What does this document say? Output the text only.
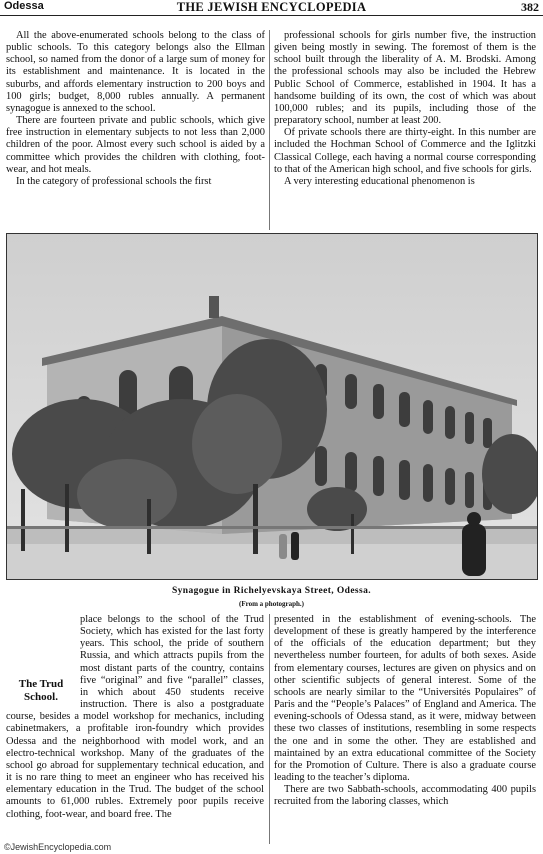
Odessa	THE JEWISH ENCYCLOPEDIA	382

All the above-enumerated schools belong to the class of public schools. To this category belongs also the Ellman school, so named from the donor of a large sum of money for its establishment and maintenance. It is located in the suburbs, and affords elementary instruction to 200 boys and 100 girls; budget, 8,000 rubles annually. A permanent synagogue is annexed to the school.

There are fourteen private and public schools, which give free instruction in elementary subjects to not less than 2,000 children of the poor. Almost every such school is aided by a committee which provides the children with clothing, foot-wear, and hot meals.

In the category of professional schools the first

professional schools for girls number five, the instruction given being mostly in sewing. The foremost of them is the school built through the liberality of A. M. Brodski. Among the professional schools may also be included the Hebrew Public School of Commerce, established in 1904. It has a handsome building of its own, the cost of which was about 100,000 rubles; and its pupils, including those of the preparatory school, number at least 200.

Of private schools there are thirty-eight. In this number are included the Hochman School of Commerce and the Iglitzki Classical College, each having a normal course corresponding to that of the American high school, and five schools for girls.

A very interesting educational phenomenon is

Synagogue in Richelyevskaya Street, Odessa.
(From a photograph.)
The Trud School.

place belongs to the school of the Trud Society, which has existed for the last forty years. This school, the pride of southern Russia, and which attracts pupils from the most distant parts of the country, contains five “original” and five “parallel” classes, in which about 450 students receive instruction. There is also a postgraduate course, besides a model workshop for mechanics, including cabinetmakers, a profitable iron-foundry which provides Odessa and the neighborhood with model work, and an electro-technical workshop. Many of the graduates of the school go abroad for supplementary technical education, and it is no rare thing to meet an engineer who has received his elementary education in the Trud. The budget of the school amounts to 61,000 rubles. Extremely poor pupils receive clothing, foot-wear, and board free. The

presented in the establishment of evening-schools. The development of these is greatly hampered by the interference of the officials of the education department; but they nevertheless number fourteen, for adults of both sexes. Aside from elementary courses, lectures are given on physics and on other scientific subjects of general interest. Some of the schools are nearly similar to the “Universités Populaires” of Paris and the “People’s Palaces” of England and America. The evening-schools of Odessa stand, as it were, midway between these two classes of institutions, resembling in some respects the one and in some the other. They are established and maintained by an extra educational committee of the Society for the Promotion of Culture. There is also a graduate course leading to the teacher’s diploma.

There are two Sabbath-schools, accommodating 400 pupils recruited from the laboring classes, which

©JewishEncyclopedia.com
